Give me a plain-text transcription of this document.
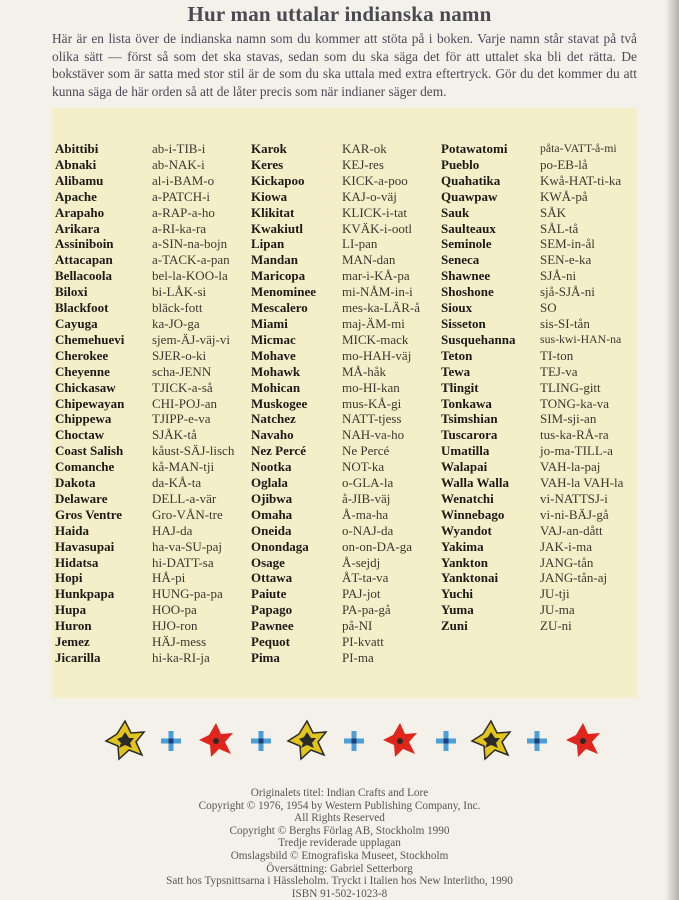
Hur man uttalar indianska namn
Här är en lista över de indianska namn som du kommer att stöta på i boken. Varje namn står stavat på två olika sätt — först så som det ska stavas, sedan som du ska säga det för att uttalet ska bli det rätta. De bokstäver som är satta med stor stil är de som du ska uttala med extra eftertryck. Gör du det kommer du att kunna säga de här orden så att de låter precis som när indianer säger dem.
Abittibi
Abnaki
Alibamu
Apache
Arapaho
Arikara
Assiniboin
Attacapan
Bellacoola
Biloxi
Blackfoot
Cayuga
Chemehuevi
Cherokee
Cheyenne
Chickasaw
Chipewayan
Chippewa
Choctaw
Coast Salish
Comanche
Dakota
Delaware
Gros Ventre
Haida
Havasupai
Hidatsa
Hopi
Hunkpapa
Hupa
Huron
Jemez
Jicarilla
ab-i-TIB-i
ab-NAK-i
al-i-BAM-o
a-PATCH-i
a-RAP-a-ho
a-RI-ka-ra
a-SIN-na-bojn
a-TACK-a-pan
bel-la-KOO-la
bi-LÅK-si
bläck-fott
ka-JO-ga
sjem-ÄJ-väj-vi
SJER-o-ki
scha-JENN
TJICK-a-så
CHI-POJ-an
TJIPP-e-va
SJÅK-tå
kåust-SÄJ-lisch
kå-MAN-tji
da-KÅ-ta
DELL-a-vär
Gro-VÅN-tre
HAJ-da
ha-va-SU-paj
hi-DATT-sa
HÅ-pi
HUNG-pa-pa
HOO-pa
HJO-ron
HÄJ-mess
hi-ka-RI-ja
Karok
Keres
Kickapoo
Kiowa
Klikitat
Kwakiutl
Lipan
Mandan
Maricopa
Menominee
Mescalero
Miami
Micmac
Mohave
Mohawk
Mohican
Muskogee
Natchez
Navaho
Nez Percé
Nootka
Oglala
Ojibwa
Omaha
Oneida
Onondaga
Osage
Ottawa
Paiute
Papago
Pawnee
Pequot
Pima
KAR-ok
KEJ-res
KICK-a-poo
KAJ-o-väj
KLICK-i-tat
KVÄK-i-ootl
LI-pan
MAN-dan
mar-i-KÅ-pa
mi-NÅM-in-i
mes-ka-LÄR-å
maj-ÄM-mi
MICK-mack
mo-HAH-väj
MÅ-håk
mo-HI-kan
mus-KÅ-gi
NATT-tjess
NAH-va-ho
Ne Percé
NOT-ka
o-GLA-la
å-JIB-väj
Å-ma-ha
o-NAJ-da
on-on-DA-ga
Å-sejdj
ÅT-ta-va
PAJ-jot
PA-pa-gå
på-NI
PI-kvatt
PI-ma
Potawatomi
Pueblo
Quahatika
Quawpaw
Sauk
Saulteaux
Seminole
Seneca
Shawnee
Shoshone
Sioux
Sisseton
Susquehanna
Teton
Tewa
Tlingit
Tonkawa
Tsimshian
Tuscarora
Umatilla
Walapai
Walla Walla
Wenatchi
Winnebago
Wyandot
Yakima
Yankton
Yanktonai
Yuchi
Yuma
Zuni
påta-VATT-å-mi
po-EB-lå
Kwå-HAT-ti-ka
KWÅ-på
SÅK
SÅL-tå
SEM-in-ål
SEN-e-ka
SJÅ-ni
sjå-SJÅ-ni
SO
sis-SI-tån
sus-kwi-HAN-na
TI-ton
TEJ-va
TLING-gitt
TONG-ka-va
SIM-sji-an
tus-ka-RÅ-ra
jo-ma-TILL-a
VAH-la-paj
VAH-la VAH-la
vi-NATTSJ-i
vi-ni-BÄJ-gå
VAJ-an-dått
JAK-i-ma
JANG-tån
JANG-tån-aj
JU-tji
JU-ma
ZU-ni
Originalets titel: Indian Crafts and Lore
Copyright © 1976, 1954 by Western Publishing Company, Inc.
All Rights Reserved
Copyright © Berghs Förlag AB, Stockholm 1990
Tredje reviderade upplagan
Omslagsbild © Etnografiska Museet, Stockholm
Översättning: Gabriel Setterborg
Satt hos Typsnittsarna i Hässleholm. Tryckt i Italien hos New Interlitho, 1990
ISBN 91-502-1023-8
